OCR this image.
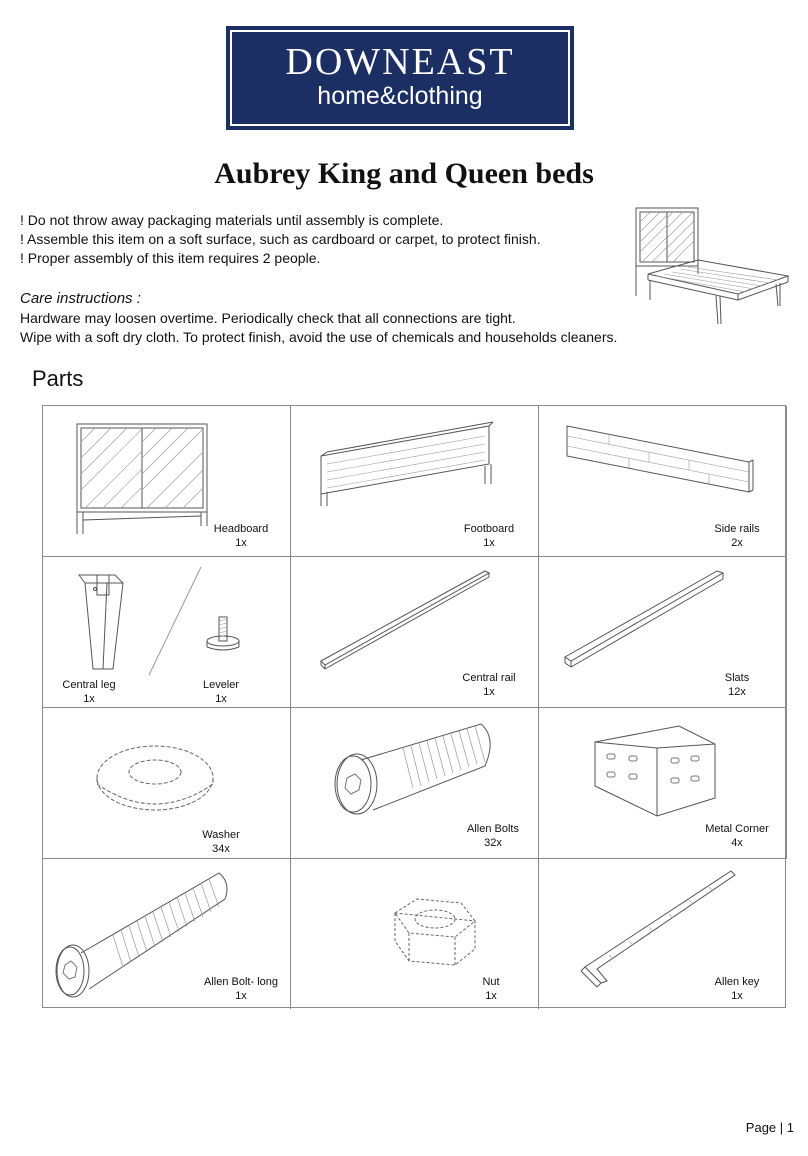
DOWNEAST
home&clothing
Aubrey King and Queen beds
! Do not throw away packaging materials until assembly is complete.
! Assemble this item on a soft surface, such as cardboard or carpet, to protect finish.
! Proper assembly of this item requires 2 people.
Care instructions :
Hardware may loosen overtime. Periodically check that all connections are tight.
Wipe with a soft dry cloth. To protect finish, avoid the use of chemicals and households cleaners.
Parts
Headboard
1x
Footboard
1x
Side rails
2x
Central leg
1x
Leveler
1x
Central rail
1x
Slats
12x
Washer
34x
Allen Bolts
32x
Metal Corner
4x
Allen Bolt- long
1x
Nut
1x
Allen key
1x
Page | 1
